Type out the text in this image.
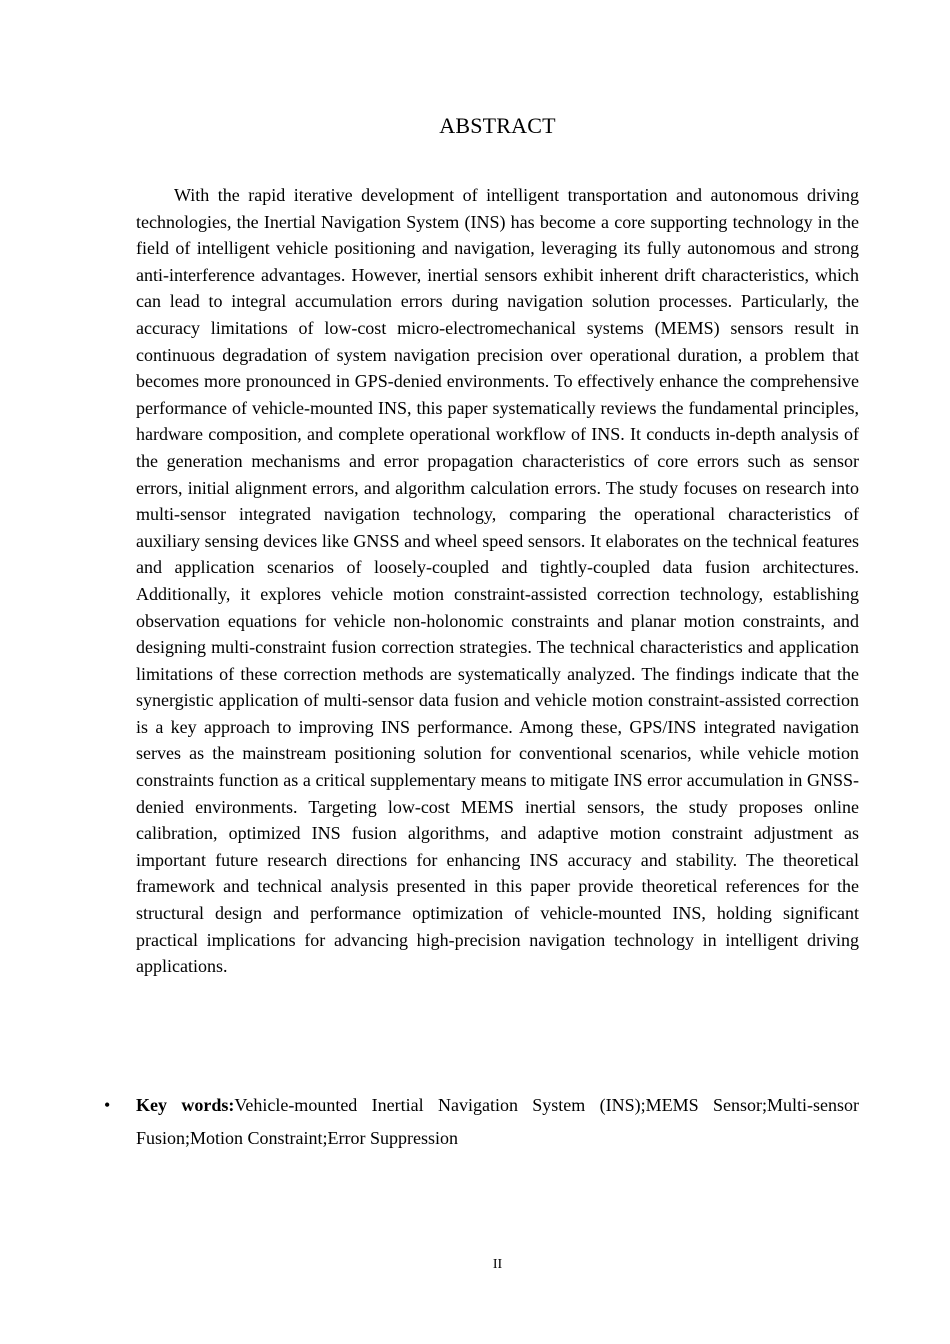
ABSTRACT

With the rapid iterative development of intelligent transportation and autonomous driving technologies, the Inertial Navigation System (INS) has become a core supporting technology in the field of intelligent vehicle positioning and navigation, leveraging its fully autonomous and strong anti-interference advantages. However, inertial sensors exhibit inherent drift characteristics, which can lead to integral accumulation errors during navigation solution processes. Particularly, the accuracy limitations of low-cost micro-electromechanical systems (MEMS) sensors result in continuous degradation of system navigation precision over operational duration, a problem that becomes more pronounced in GPS-denied environments. To effectively enhance the comprehensive performance of vehicle-mounted INS, this paper systematically reviews the fundamental principles, hardware composition, and complete operational workflow of INS. It conducts in-depth analysis of the generation mechanisms and error propagation characteristics of core errors such as sensor errors, initial alignment errors, and algorithm calculation errors. The study focuses on research into multi-sensor integrated navigation technology, comparing the operational characteristics of auxiliary sensing devices like GNSS and wheel speed sensors. It elaborates on the technical features and application scenarios of loosely-coupled and tightly-coupled data fusion architectures. Additionally, it explores vehicle motion constraint-assisted correction technology, establishing observation equations for vehicle non-holonomic constraints and planar motion constraints, and designing multi-constraint fusion correction strategies. The technical characteristics and application limitations of these correction methods are systematically analyzed. The findings indicate that the synergistic application of multi-sensor data fusion and vehicle motion constraint-assisted correction is a key approach to improving INS performance. Among these, GPS/INS integrated navigation serves as the mainstream positioning solution for conventional scenarios, while vehicle motion constraints function as a critical supplementary means to mitigate INS error accumulation in GNSS-denied environments. Targeting low-cost MEMS inertial sensors, the study proposes online calibration, optimized INS fusion algorithms, and adaptive motion constraint adjustment as important future research directions for enhancing INS accuracy and stability. The theoretical framework and technical analysis presented in this paper provide theoretical references for the structural design and performance optimization of vehicle-mounted INS, holding significant practical implications for advancing high-precision navigation technology in intelligent driving applications.

• Key words:Vehicle-mounted Inertial Navigation System (INS);MEMS Sensor;Multi-sensor Fusion;Motion Constraint;Error Suppression

II
